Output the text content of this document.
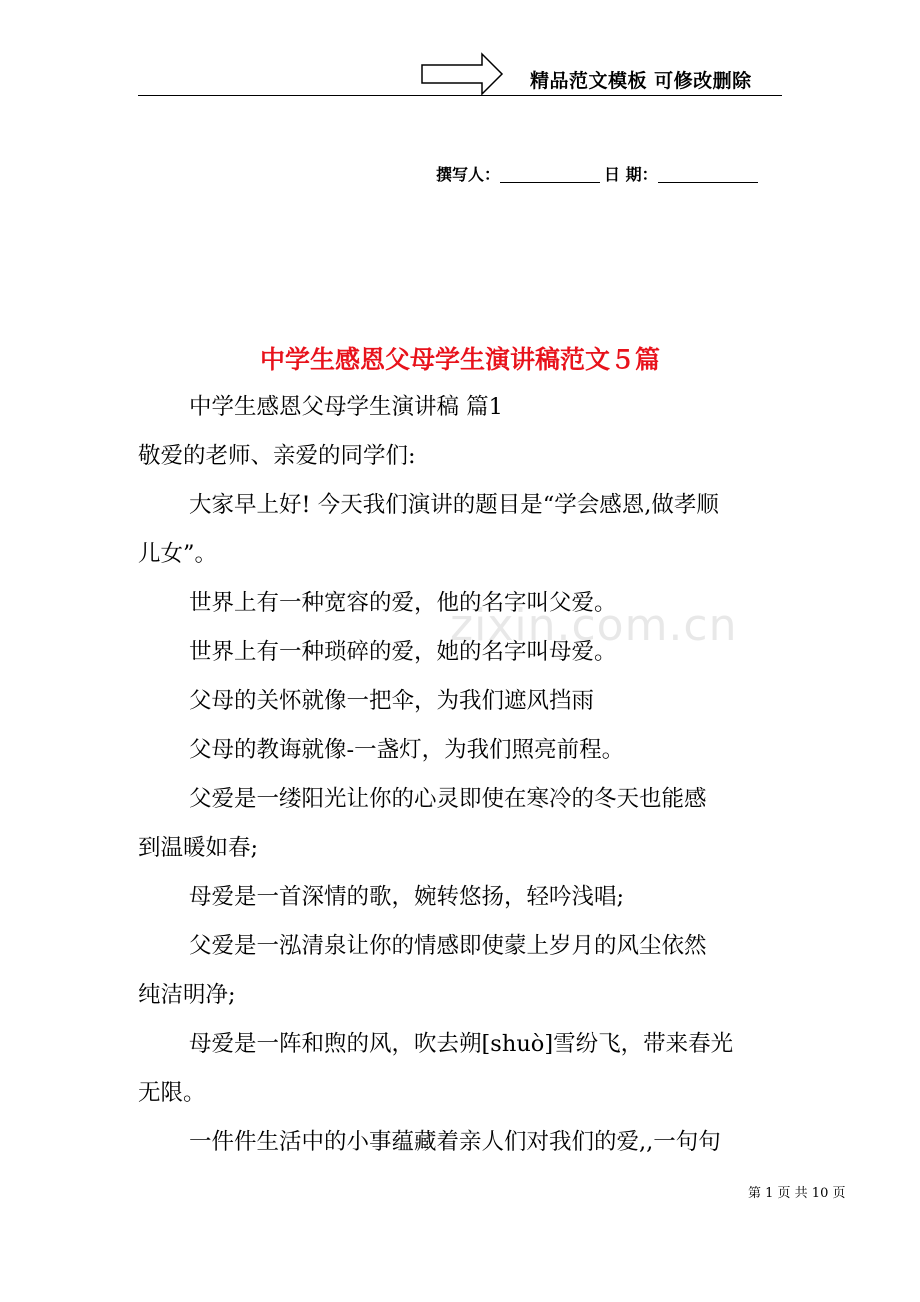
精品范文模板 可修改删除
撰写人：	日 期：
中学生感恩父母学生演讲稿范文５篇
zixin.com.cn

中学生感恩父母学生演讲稿 篇1

敬爱的老师、亲爱的同学们:

大家早上好! 今天我们演讲的题目是“学会感恩,做孝顺

儿女”。

世界上有一种宽容的爱，他的名字叫父爱。

世界上有一种琐碎的爱，她的名字叫母爱。

父母的关怀就像一把伞，为我们遮风挡雨

父母的教诲就像-一盏灯，为我们照亮前程。

父爱是一缕阳光让你的心灵即使在寒冷的冬天也能感

到温暖如春;

母爱是一首深情的歌，婉转悠扬，轻吟浅唱;

父爱是一泓清泉让你的情感即使蒙上岁月的风尘依然

纯洁明净;

母爱是一阵和煦的风，吹去朔[shuò]雪纷飞，带来春光

无限。

一件件生活中的小事蕴藏着亲人们对我们的爱,,一句句

第 1 页 共 10 页
